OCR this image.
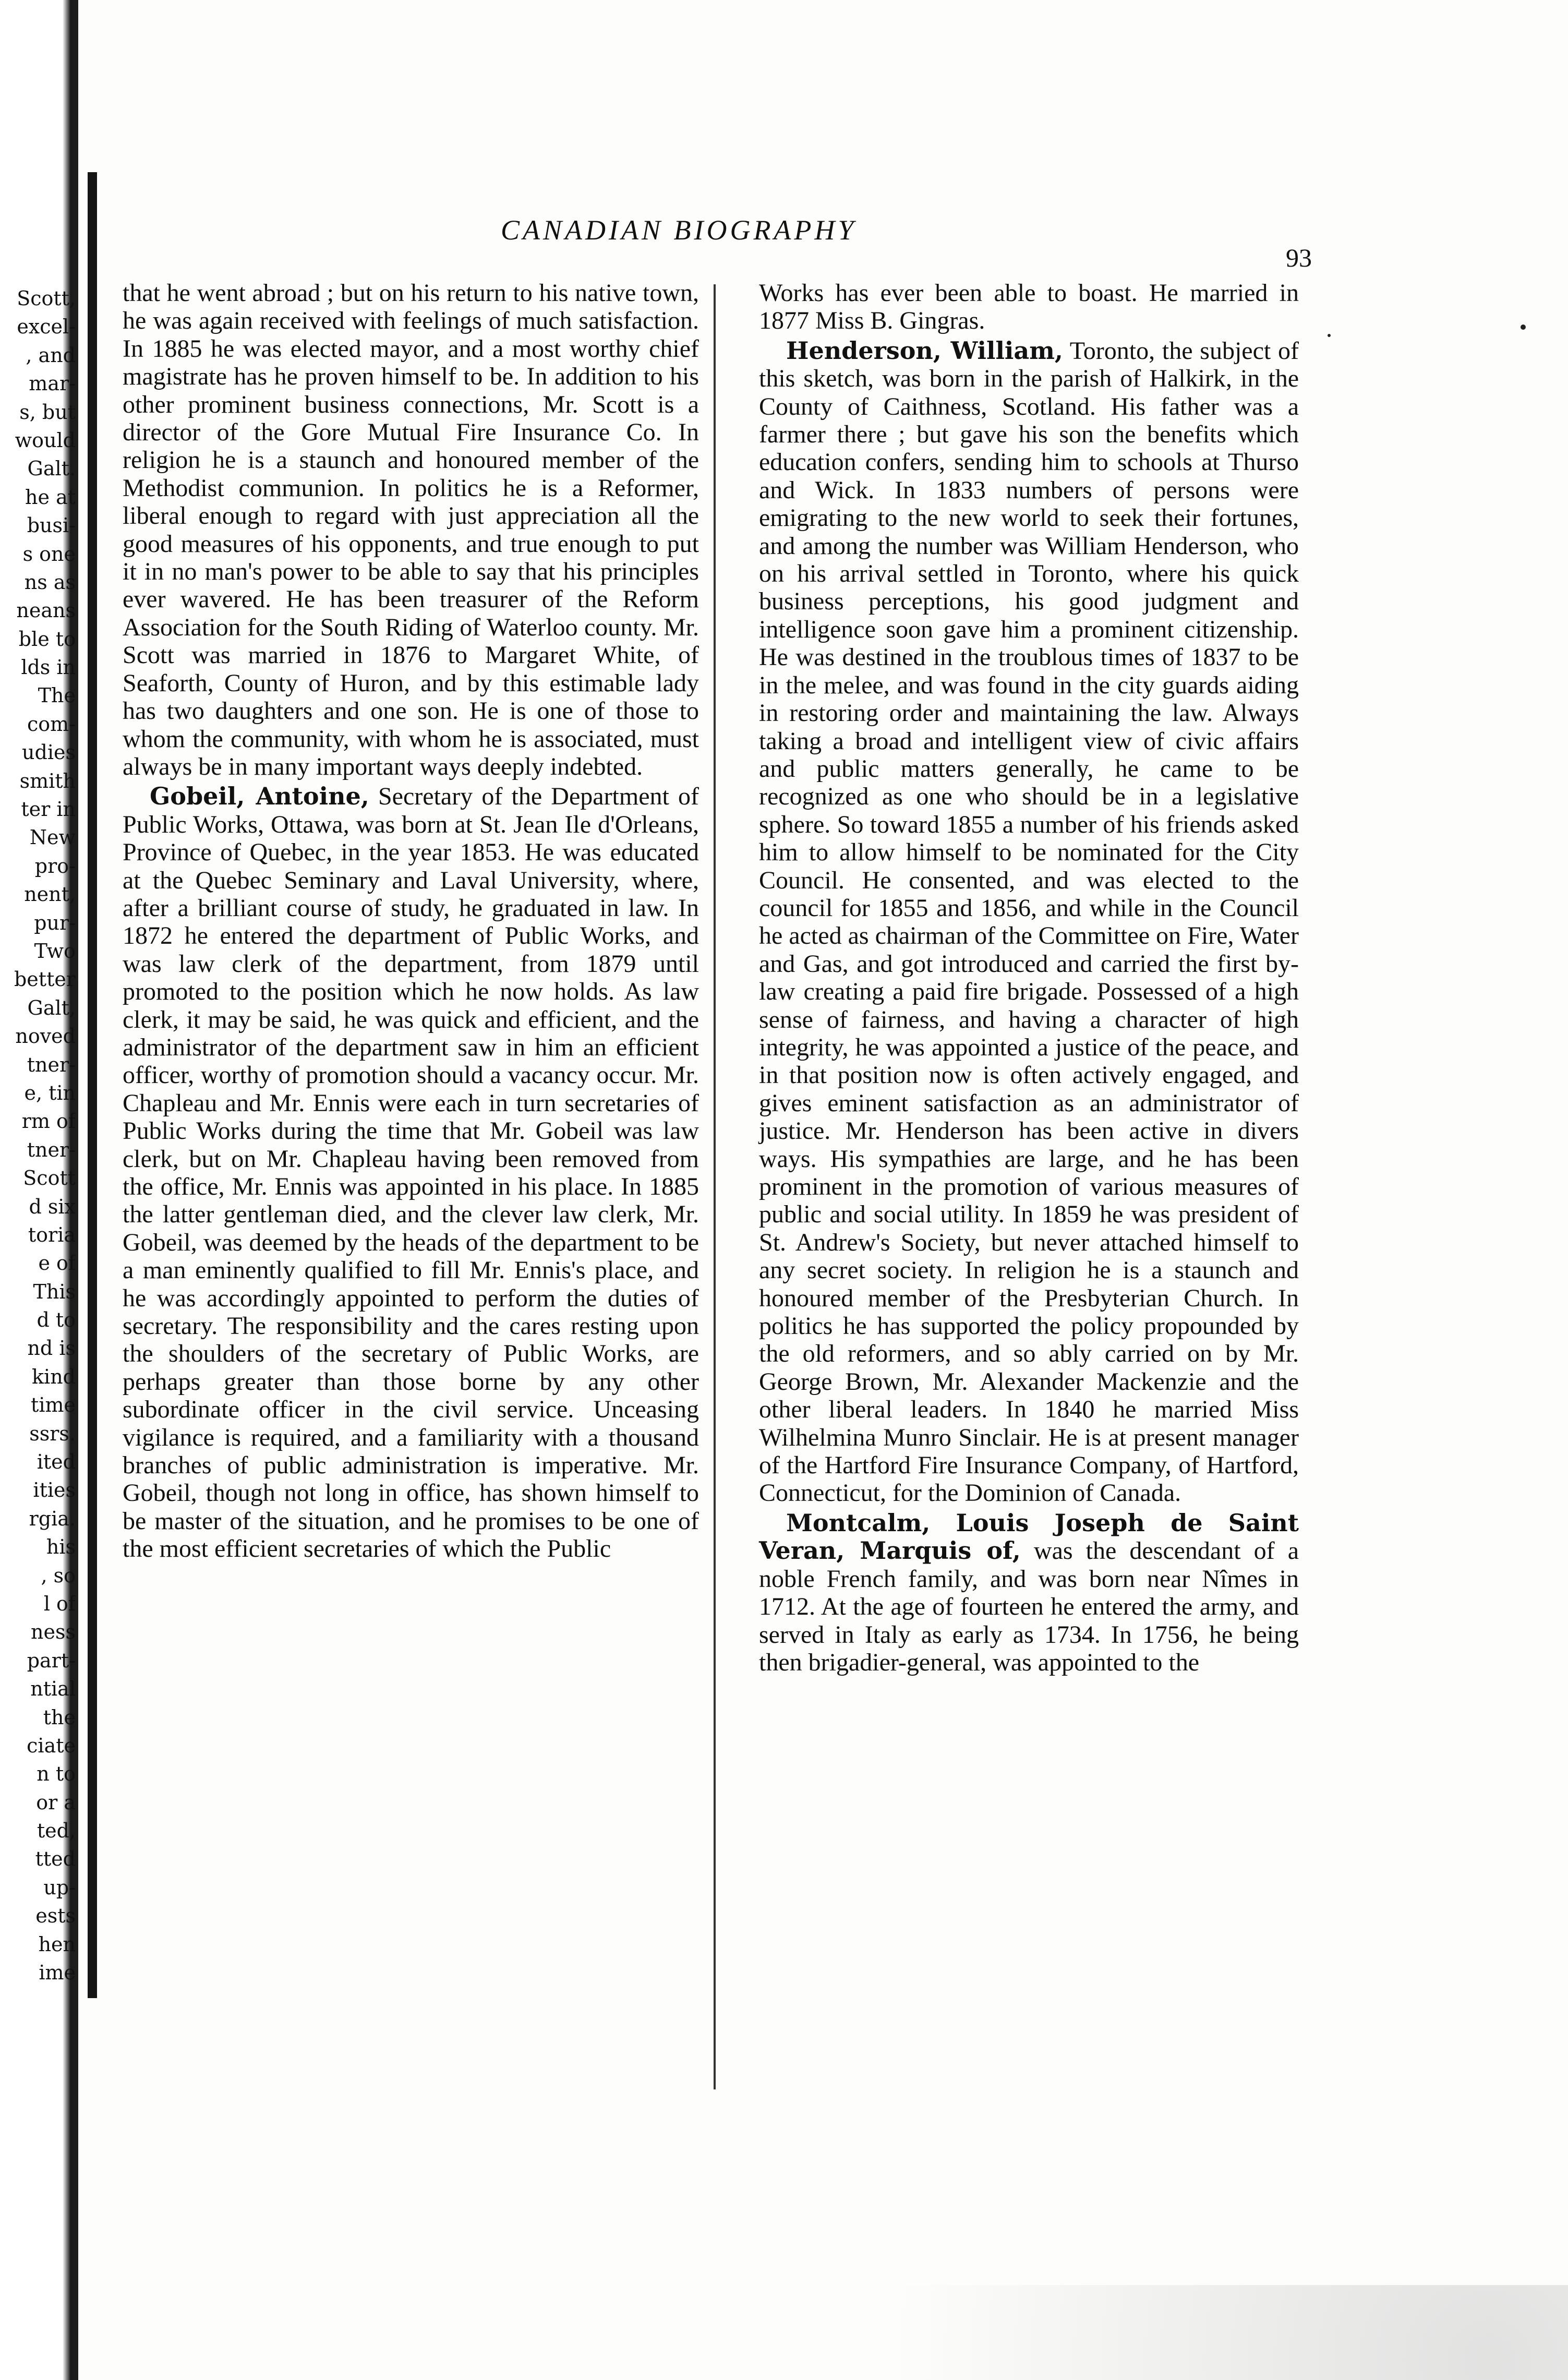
Scott,
excel-
, and
mar-
s, but
would
Galt.
he at
busi-
s one
ns as
neans
ble to
lds in
The
com-
udies
smith
ter in
New
pro-
nent,
pur-
Two
better
Galt,
noved
tner-
e, tin
rm of
tner-
Scott
d six
toria
e of
This
d to
nd is
kind
time
ssrs.
ited
ities
rgia.
his
, so
l of
ness
part-
ntial
the
ciate
n to
or a
ted,
tted
up-
ests
hen
ime
CANADIAN BIOGRAPHY
93

that he went abroad ; but on his return to his native town, he was again received with feelings of much satisfaction. In 1885 he was elected mayor, and a most worthy chief magistrate has he proven himself to be. In addition to his other prominent business connections, Mr. Scott is a director of the Gore Mutual Fire Insurance Co. In religion he is a staunch and honoured member of the Methodist communion. In politics he is a Reformer, liberal enough to regard with just appreciation all the good measures of his opponents, and true enough to put it in no man's power to be able to say that his principles ever wavered. He has been treasurer of the Reform Association for the South Riding of Waterloo county. Mr. Scott was married in 1876 to Margaret White, of Seaforth, County of Huron, and by this estimable lady has two daughters and one son. He is one of those to whom the community, with whom he is associated, must always be in many important ways deeply indebted.

Gobeil, Antoine, Secretary of the Department of Public Works, Ottawa, was born at St. Jean Ile d'Orleans, Province of Quebec, in the year 1853. He was educated at the Quebec Seminary and Laval University, where, after a brilliant course of study, he graduated in law. In 1872 he entered the department of Public Works, and was law clerk of the department, from 1879 until promoted to the position which he now holds. As law clerk, it may be said, he was quick and efficient, and the administrator of the department saw in him an efficient officer, worthy of promotion should a vacancy occur. Mr. Chapleau and Mr. Ennis were each in turn secretaries of Public Works during the time that Mr. Gobeil was law clerk, but on Mr. Chapleau having been removed from the office, Mr. Ennis was appointed in his place. In 1885 the latter gentleman died, and the clever law clerk, Mr. Gobeil, was deemed by the heads of the department to be a man eminently qualified to fill Mr. Ennis's place, and he was accordingly appointed to perform the duties of secretary. The responsibility and the cares resting upon the shoulders of the secretary of Public Works, are perhaps greater than those borne by any other subordinate officer in the civil service. Unceasing vigilance is required, and a familiarity with a thousand branches of public administration is imperative. Mr. Gobeil, though not long in office, has shown himself to be master of the situation, and he promises to be one of the most efficient secretaries of which the Public

Works has ever been able to boast. He married in 1877 Miss B. Gingras.

Henderson, William, Toronto, the subject of this sketch, was born in the parish of Halkirk, in the County of Caithness, Scotland. His father was a farmer there ; but gave his son the benefits which education confers, sending him to schools at Thurso and Wick. In 1833 numbers of persons were emigrating to the new world to seek their fortunes, and among the number was William Henderson, who on his arrival settled in Toronto, where his quick business perceptions, his good judgment and intelligence soon gave him a prominent citizenship. He was destined in the troublous times of 1837 to be in the melee, and was found in the city guards aiding in restoring order and maintaining the law. Always taking a broad and intelligent view of civic affairs and public matters generally, he came to be recognized as one who should be in a legislative sphere. So toward 1855 a number of his friends asked him to allow himself to be nominated for the City Council. He consented, and was elected to the council for 1855 and 1856, and while in the Council he acted as chairman of the Committee on Fire, Water and Gas, and got introduced and carried the first by-law creating a paid fire brigade. Possessed of a high sense of fairness, and having a character of high integrity, he was appointed a justice of the peace, and in that position now is often actively engaged, and gives eminent satisfaction as an administrator of justice. Mr. Henderson has been active in divers ways. His sympathies are large, and he has been prominent in the promotion of various measures of public and social utility. In 1859 he was president of St. Andrew's Society, but never attached himself to any secret society. In religion he is a staunch and honoured member of the Presbyterian Church. In politics he has supported the policy propounded by the old reformers, and so ably carried on by Mr. George Brown, Mr. Alexander Mackenzie and the other liberal leaders. In 1840 he married Miss Wilhelmina Munro Sinclair. He is at present manager of the Hartford Fire Insurance Company, of Hartford, Connecticut, for the Dominion of Canada.

Montcalm, Louis Joseph de Saint Veran, Marquis of, was the descendant of a noble French family, and was born near Nîmes in 1712. At the age of fourteen he entered the army, and served in Italy as early as 1734. In 1756, he being then brigadier-general, was appointed to the
